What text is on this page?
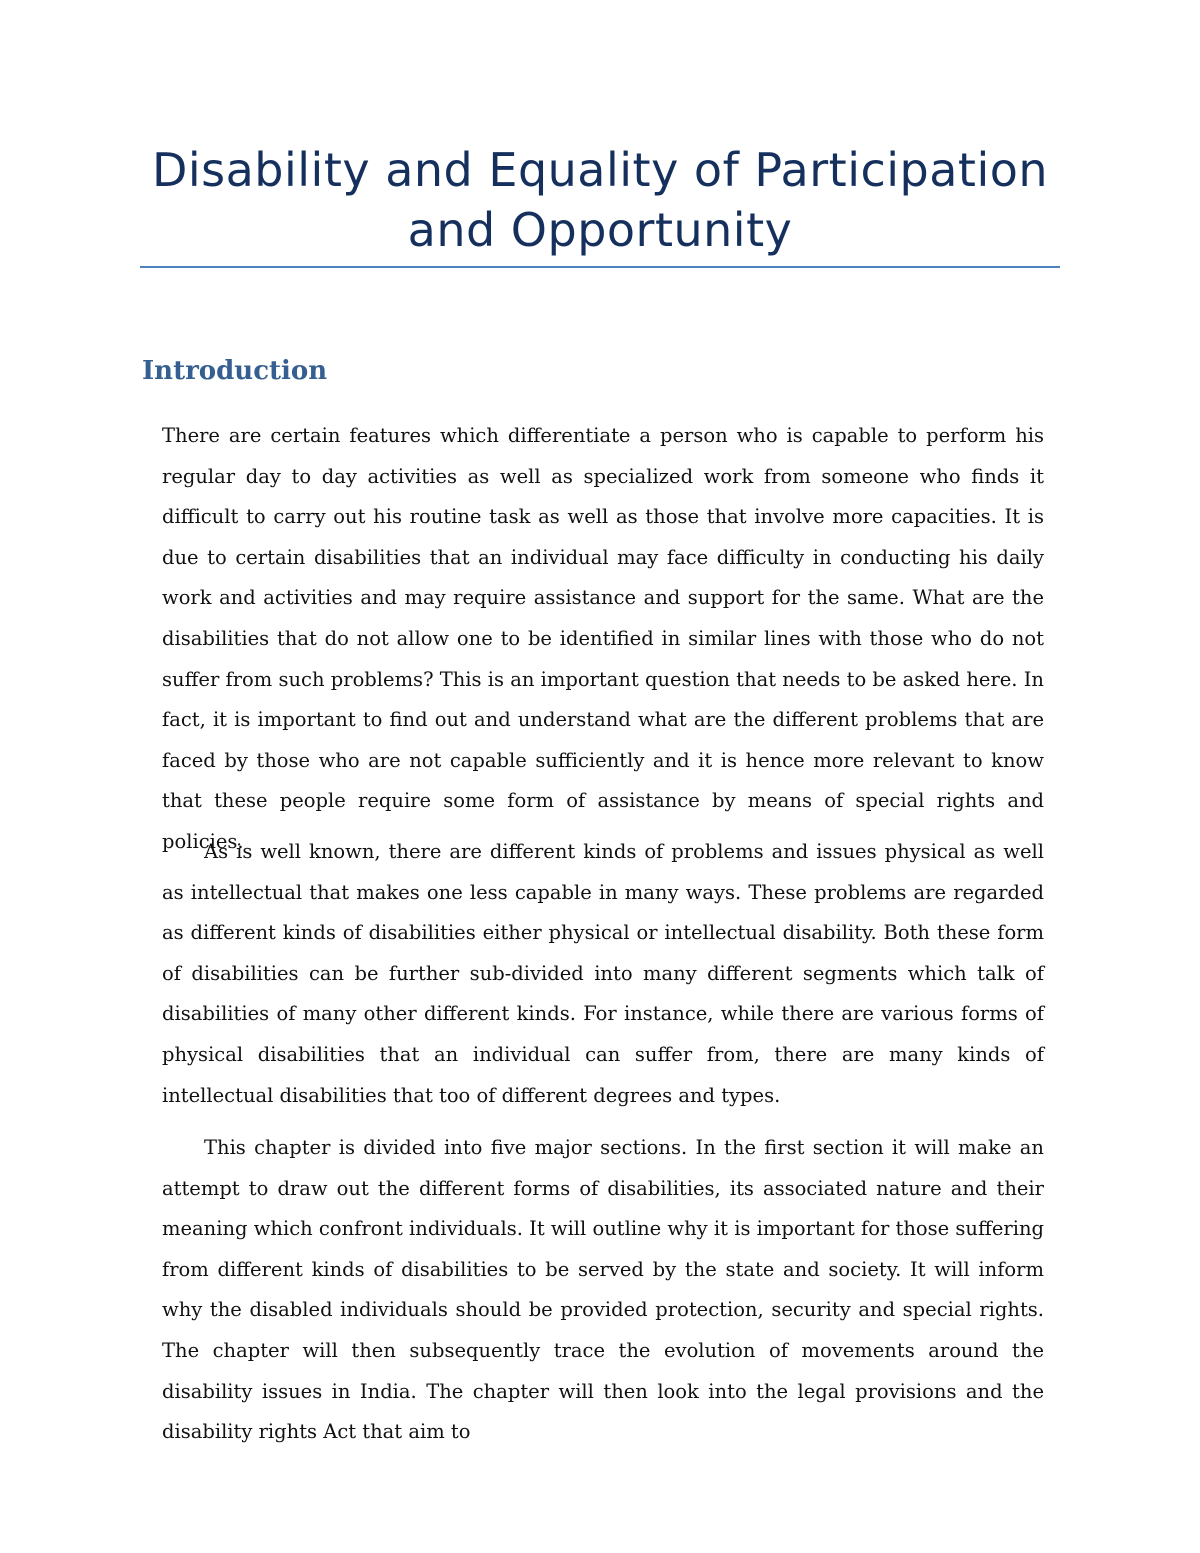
Disability and Equality of Participation and Opportunity
Introduction

There are certain features which differentiate a person who is capable to perform his regular day to day activities as well as specialized work from someone who finds it difficult to carry out his routine task as well as those that involve more capacities. It is due to certain disabilities that an individual may face difficulty in conducting his daily work and activities and may require assistance and support for the same. What are the disabilities that do not allow one to be identified in similar lines with those who do not suffer from such problems? This is an important question that needs to be asked here. In fact, it is important to find out and understand what are the different problems that are faced by those who are not capable sufficiently and it is hence more relevant to know that these people require some form of assistance by means of special rights and policies.

As is well known, there are different kinds of problems and issues physical as well as intellectual that makes one less capable in many ways. These problems are regarded as different kinds of disabilities either physical or intellectual disability. Both these form of disabilities can be further sub-divided into many different segments which talk of disabilities of many other different kinds. For instance, while there are various forms of physical disabilities that an individual can suffer from, there are many kinds of intellectual disabilities that too of different degrees and types.

This chapter is divided into five major sections. In the first section it will make an attempt to draw out the different forms of disabilities, its associated nature and their meaning which confront individuals. It will outline why it is important for those suffering from different kinds of disabilities to be served by the state and society. It will inform why the disabled individuals should be provided protection, security and special rights. The chapter will then subsequently trace the evolution of movements around the disability issues in India. The chapter will then look into the legal provisions and the disability rights Act that aim to
